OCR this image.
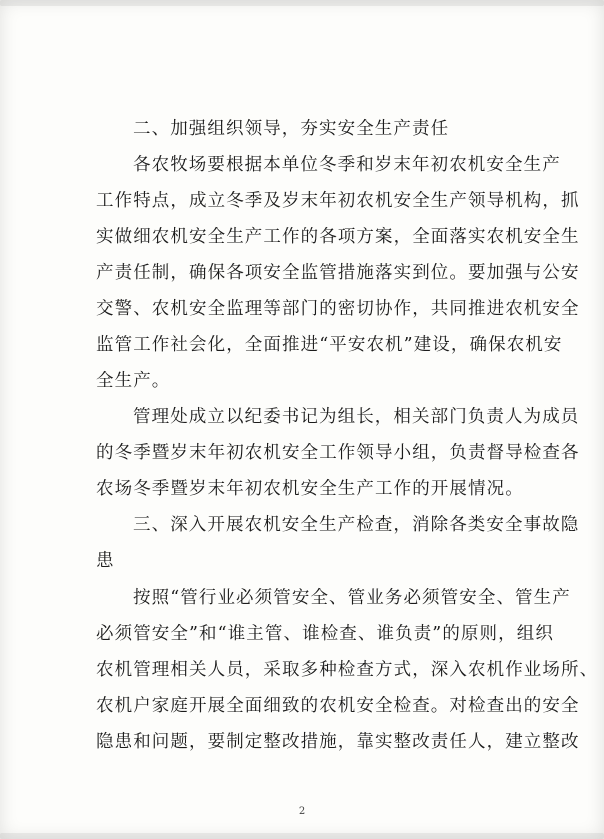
二、加强组织领导，夯实安全生产责任
各农牧场要根据本单位冬季和岁末年初农机安全生产
工作特点，成立冬季及岁末年初农机安全生产领导机构，抓
实做细农机安全生产工作的各项方案，全面落实农机安全生
产责任制，确保各项安全监管措施落实到位。要加强与公安
交警、农机安全监理等部门的密切协作，共同推进农机安全
监管工作社会化，全面推进“平安农机”建设，确保农机安
全生产。
管理处成立以纪委书记为组长，相关部门负责人为成员
的冬季暨岁末年初农机安全工作领导小组，负责督导检查各
农场冬季暨岁末年初农机安全生产工作的开展情况。
三、深入开展农机安全生产检查，消除各类安全事故隐
患
按照“管行业必须管安全、管业务必须管安全、管生产
必须管安全”和“谁主管、谁检查、谁负责”的原则，组织
农机管理相关人员，采取多种检查方式，深入农机作业场所、
农机户家庭开展全面细致的农机安全检查。对检查出的安全
隐患和问题，要制定整改措施，靠实整改责任人，建立整改
2
